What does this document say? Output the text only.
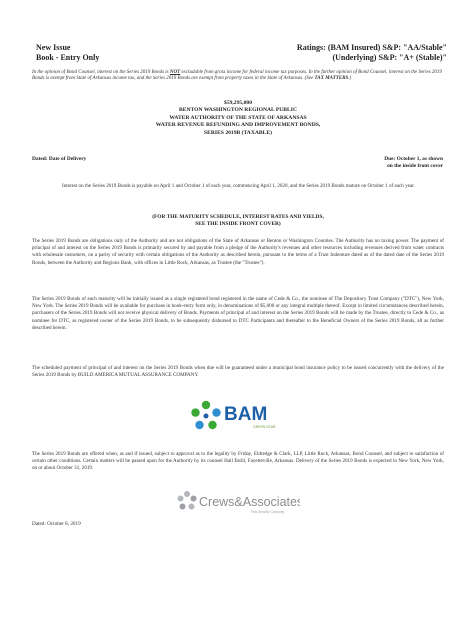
New Issue
Book - Entry Only
Ratings: (BAM Insured) S&P: "AA/Stable"
(Underlying) S&P: "A+ (Stable)"
In the opinion of Bond Counsel, interest on the Series 2019 Bonds is NOT excludable from gross income for federal income tax purposes. In the further opinion of Bond Counsel, interest on the Series 2019 Bonds is exempt from State of Arkansas income tax, and the Series 2019 Bonds are exempt from property taxes in the State of Arkansas. (See TAX MATTERS.)
$59,295,000
BENTON WASHINGTON REGIONAL PUBLIC
WATER AUTHORITY OF THE STATE OF ARKANSAS
WATER REVENUE REFUNDING AND IMPROVEMENT BONDS,
SERIES 2019B (TAXABLE)
Dated: Date of Delivery	Due: October 1, as shown
on the inside front cover
Interest on the Series 2019 Bonds is payable on April 1 and October 1 of each year, commencing April 1, 2020, and the Series 2019 Bonds mature on October 1 of each year.
(FOR THE MATURITY SCHEDULE, INTEREST RATES AND YIELDS,
SEE THE INSIDE FRONT COVER)
The Series 2019 Bonds are obligations only of the Authority and are not obligations of the State of Arkansas or Benton or Washington Counties. The Authority has no taxing power. The payment of principal of and interest on the Series 2019 Bonds is primarily secured by and payable from a pledge of the Authority's revenues and other resources including revenues derived from water contracts with wholesale customers, on a parity of security with certain obligations of the Authority as described herein, pursuant to the terms of a Trust Indenture dated as of the dated date of the Series 2019 Bonds, between the Authority and Regions Bank, with offices in Little Rock, Arkansas, as Trustee (the "Trustee").
The Series 2019 Bonds of each maturity will be initially issued as a single registered bond registered in the name of Cede & Co., the nominee of The Depository Trust Company ("DTC"), New York, New York. The Series 2019 Bonds will be available for purchase in book-entry form only, in denominations of $5,000 or any integral multiple thereof. Except in limited circumstances described herein, purchasers of the Series 2019 Bonds will not receive physical delivery of Bonds. Payments of principal of and interest on the Series 2019 Bonds will be made by the Trustee, directly to Cede & Co., as nominee for DTC, as registered owner of the Series 2019 Bonds, to be subsequently disbursed to DTC Participants and thereafter to the Beneficial Owners of the Series 2019 Bonds, all as further described herein.
The scheduled payment of principal of and interest on the Series 2019 Bonds when due will be guaranteed under a municipal bond insurance policy to be issued concurrently with the delivery of the Series 2019 Bonds by BUILD AMERICA MUTUAL ASSURANCE COMPANY.
BAM
GREEN STAR
The Series 2019 Bonds are offered when, as and if issued, subject to approval as to the legality by Friday, Eldredge & Clark, LLP, Little Rock, Arkansas, Bond Counsel, and subject to satisfaction of certain other conditions. Certain matters will be passed upon for the Authority by its counsel Hall Estill, Fayetteville, Arkansas. Delivery of the Series 2019 Bonds is expected in New York, New York, on or about October 31, 2019.
Crews&Associates
First Security Company
Dated: October 8, 2019
